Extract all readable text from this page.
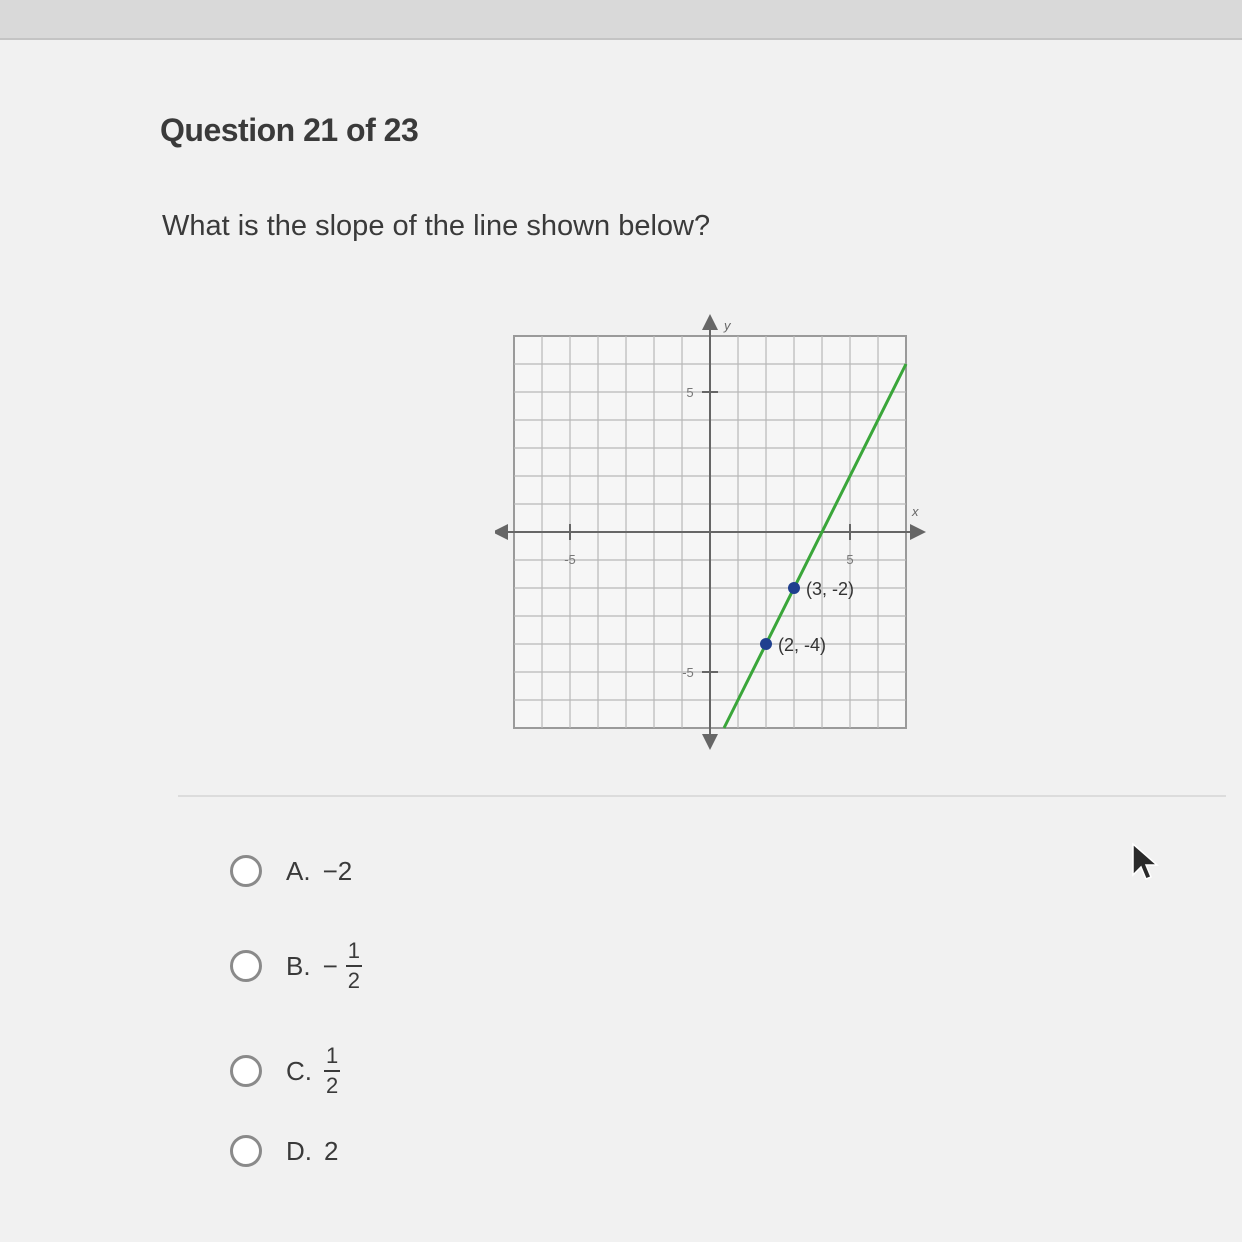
Question 21 of 23
What is the slope of the line shown below?
x
y
-5	5
5
-5
(3, -2)
(2, -4)
A. −2
B. − $\frac{1}{2}$
C. $\frac{1}{2}$
D. 2
